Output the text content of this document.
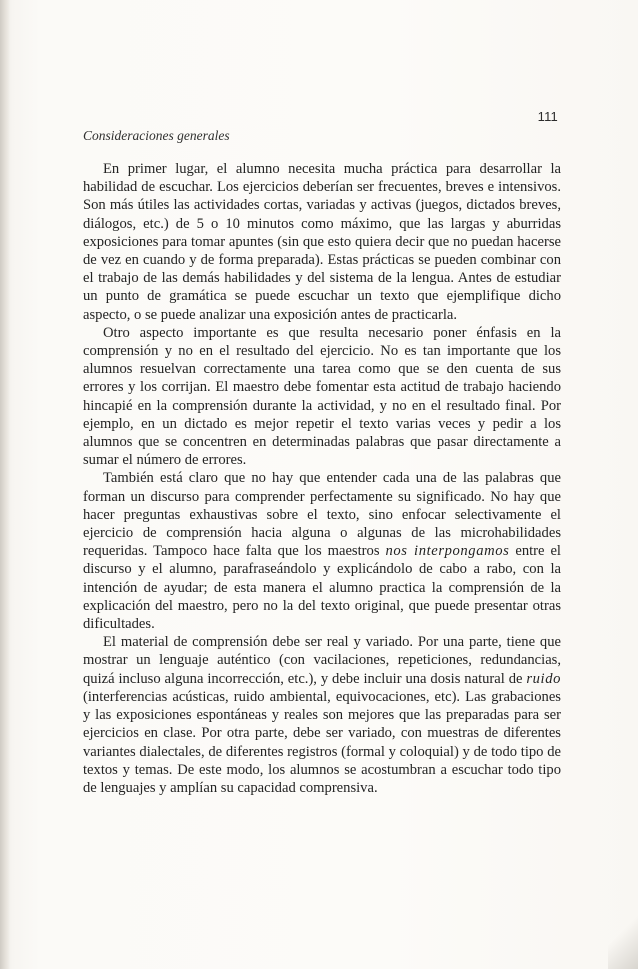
111
Consideraciones generales

En primer lugar, el alumno necesita mucha práctica para desarrollar la habilidad de escuchar. Los ejercicios deberían ser frecuentes, breves e intensivos. Son más útiles las actividades cortas, variadas y activas (juegos, dictados breves, diálogos, etc.) de 5 o 10 minutos como máximo, que las largas y aburridas exposiciones para tomar apuntes (sin que esto quiera decir que no puedan hacerse de vez en cuando y de forma preparada). Estas prácticas se pueden combinar con el trabajo de las demás habilidades y del sistema de la lengua. Antes de estudiar un punto de gramática se puede escuchar un texto que ejemplifique dicho aspecto, o se puede analizar una exposición antes de practicarla.

Otro aspecto importante es que resulta necesario poner énfasis en la comprensión y no en el resultado del ejercicio. No es tan importante que los alumnos resuelvan correctamente una tarea como que se den cuenta de sus errores y los corrijan. El maestro debe fomentar esta actitud de trabajo haciendo hincapié en la comprensión durante la actividad, y no en el resultado final. Por ejemplo, en un dictado es mejor repetir el texto varias veces y pedir a los alumnos que se concentren en determinadas palabras que pasar directamente a sumar el número de errores.

También está claro que no hay que entender cada una de las palabras que forman un discurso para comprender perfectamente su significado. No hay que hacer preguntas exhaustivas sobre el texto, sino enfocar selectivamente el ejercicio de comprensión hacia alguna o algunas de las microhabilidades requeridas. Tampoco hace falta que los maestros nos interpongamos entre el discurso y el alumno, parafraseándolo y explicándolo de cabo a rabo, con la intención de ayudar; de esta manera el alumno practica la comprensión de la explicación del maestro, pero no la del texto original, que puede presentar otras dificultades.

El material de comprensión debe ser real y variado. Por una parte, tiene que mostrar un lenguaje auténtico (con vacilaciones, repeticiones, redundancias, quizá incluso alguna incorrección, etc.), y debe incluir una dosis natural de ruido (interferencias acústicas, ruido ambiental, equivocaciones, etc). Las grabaciones y las exposiciones espontáneas y reales son mejores que las preparadas para ser ejercicios en clase. Por otra parte, debe ser variado, con muestras de diferentes variantes dialectales, de diferentes registros (formal y coloquial) y de todo tipo de textos y temas. De este modo, los alumnos se acostumbran a escuchar todo tipo de lenguajes y amplían su capacidad comprensiva.
